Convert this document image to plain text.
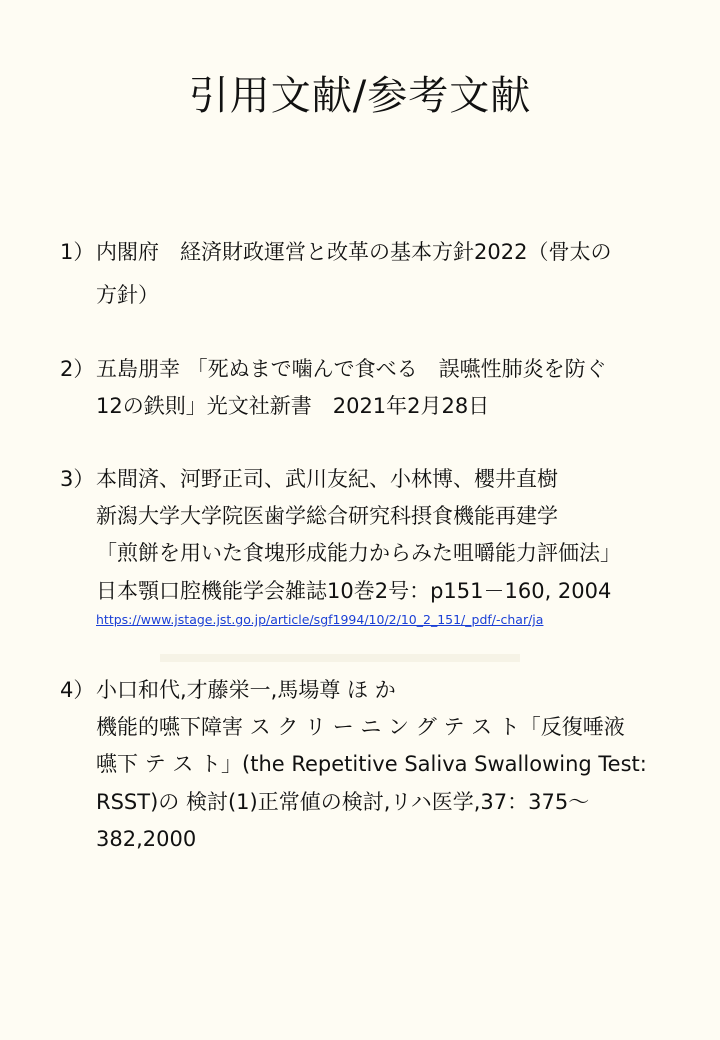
引用文献/参考文献
1） 内閣府　経済財政運営と改革の基本方針2022（骨太の
方針）
2） 五島朋幸 「死ぬまで噛んで食べる　誤嚥性肺炎を防ぐ
12の鉄則」光文社新書　2021年2月28日
3） 本間済、河野正司、武川友紀、小林博、櫻井直樹
新潟大学大学院医歯学総合研究科摂食機能再建学
「煎餅を用いた食塊形成能力からみた咀嚼能力評価法」
日本顎口腔機能学会雑誌10巻2号：p151－160, 2004
https://www.jstage.jst.go.jp/article/sgf1994/10/2/10_2_151/_pdf/-char/ja
4） 小口和代,才藤栄一,馬場尊 ほ か
機能的嚥下障害 ス ク リ ー ニ ン グ テ ス ト「反復唾液
嚥下 テ ス ト」(the Repetitive Saliva Swallowing Test:
RSST)の 検討(1)正常値の検討,リハ医学,37：375〜
382,2000
